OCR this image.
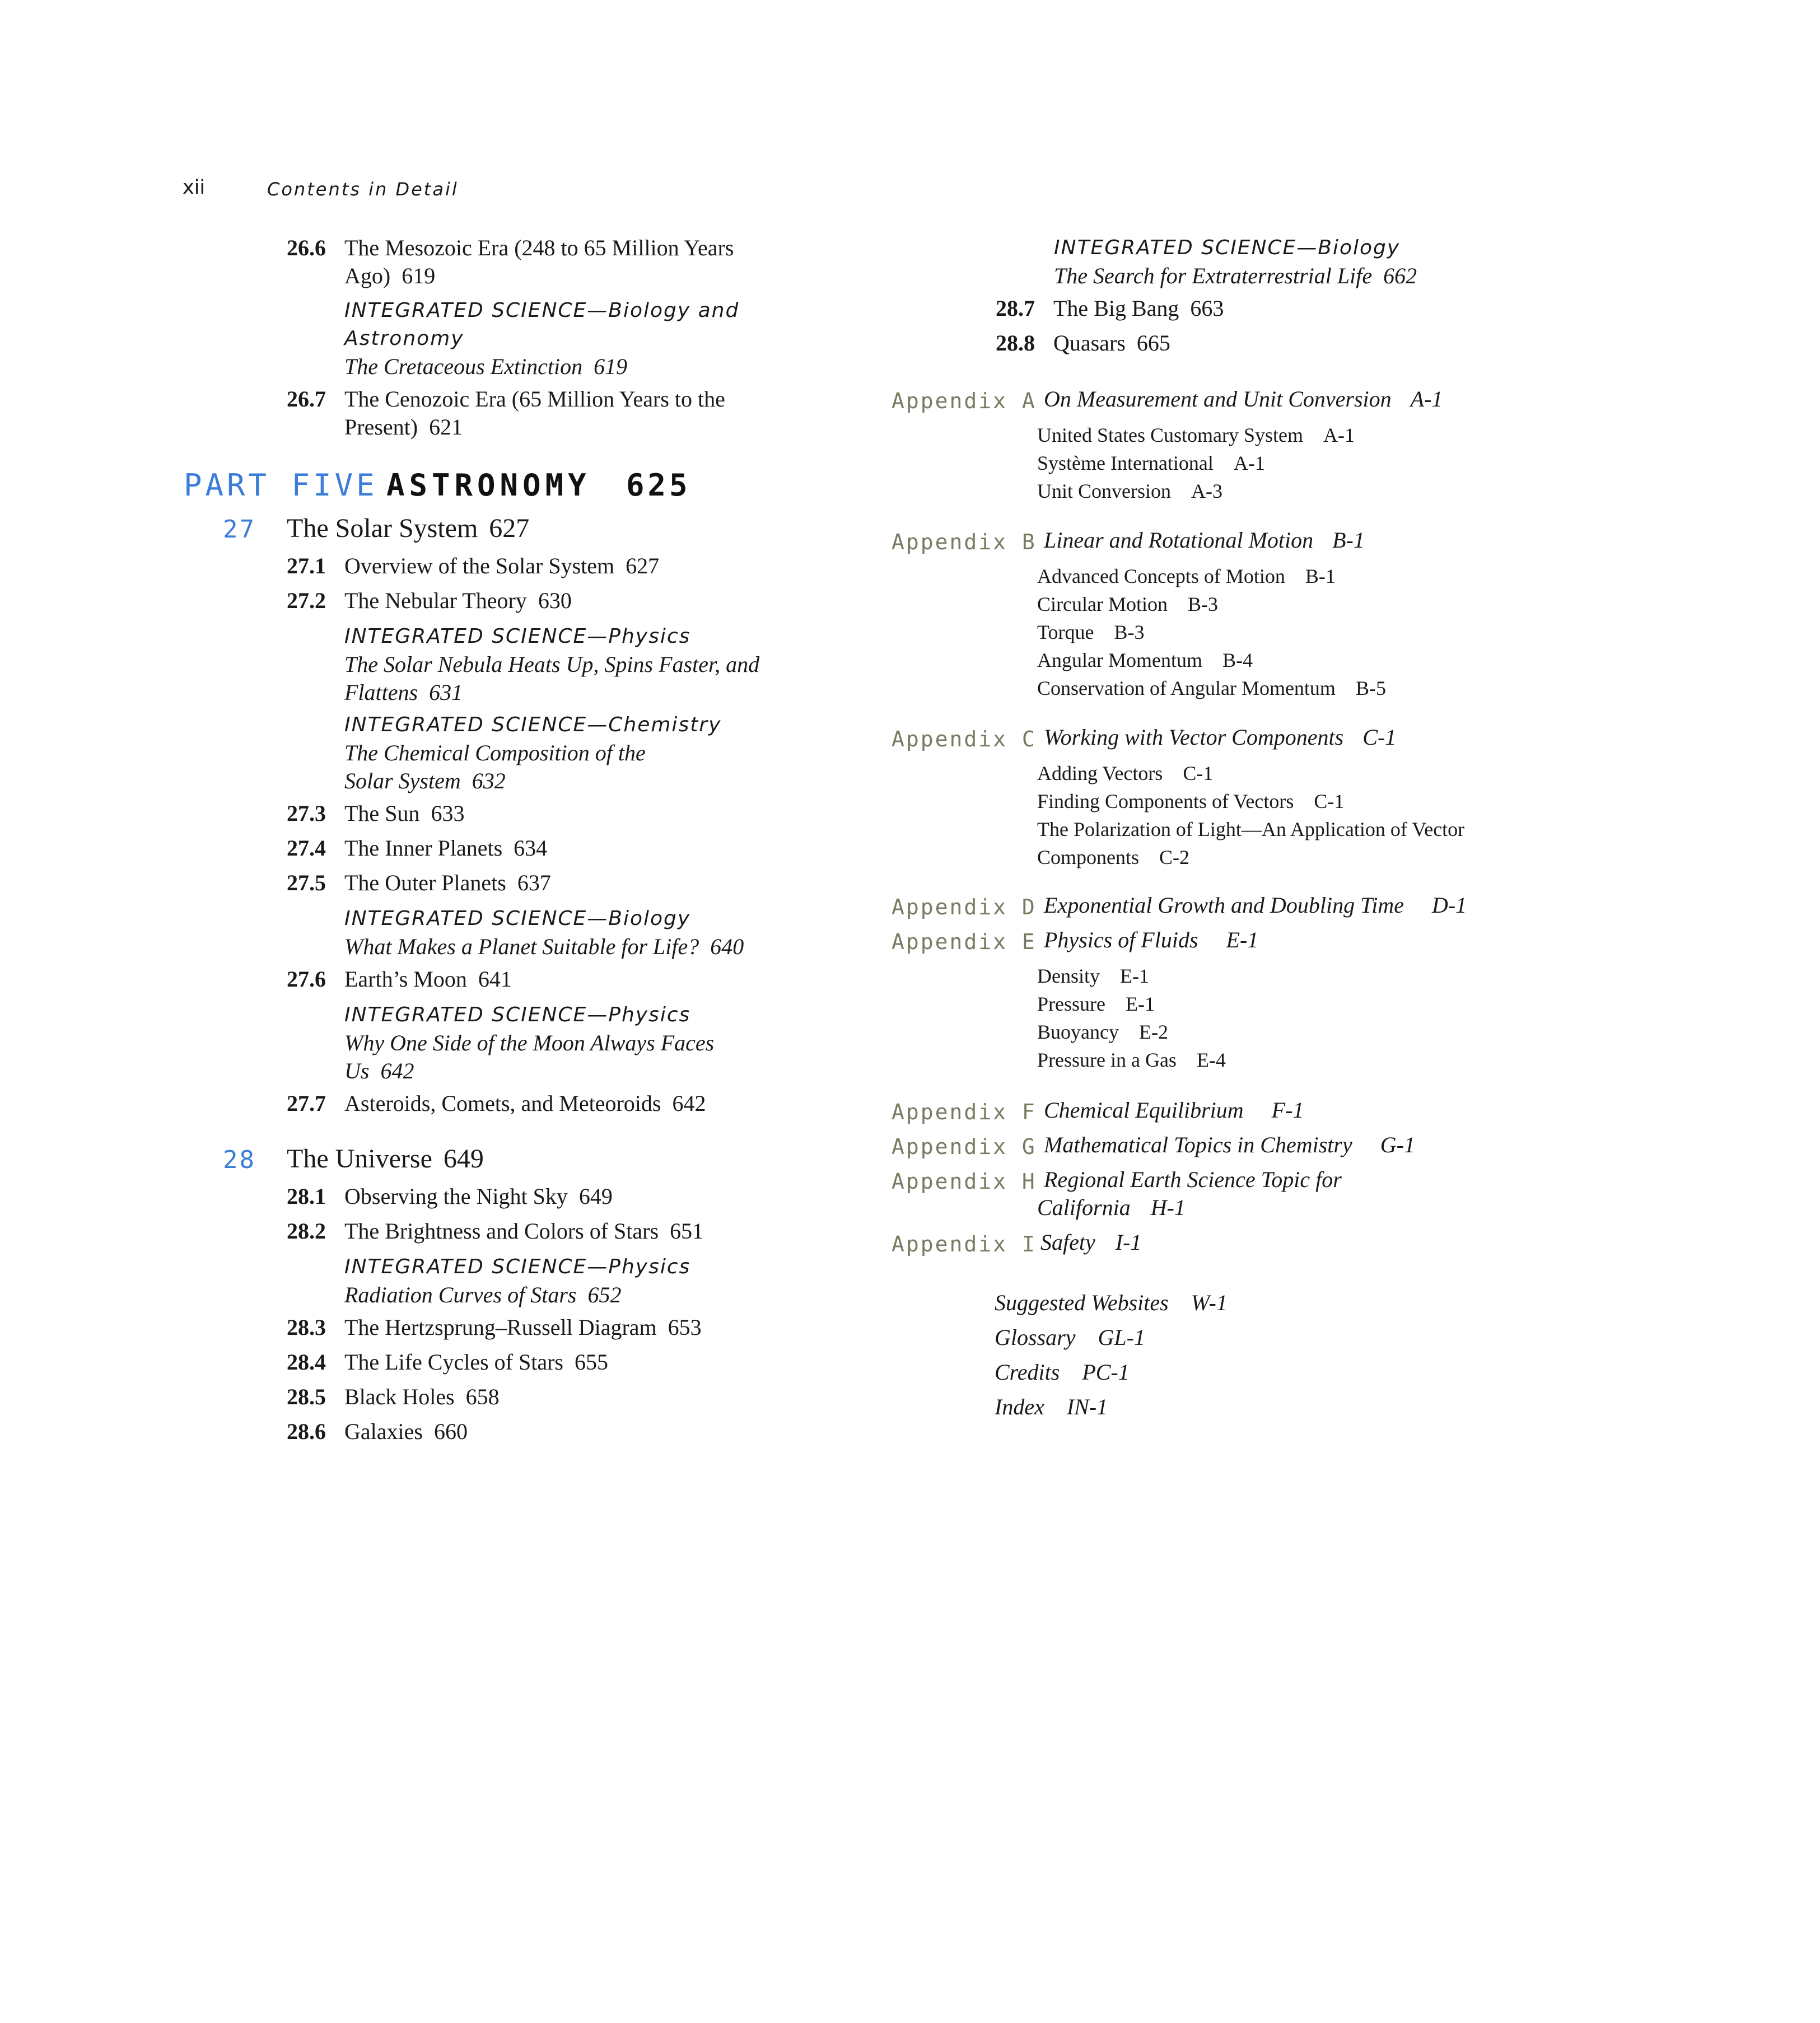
xii	Contents in Detail
26.6 The Mesozoic Era (248 to 65 Million Years
Ago) 619
INTEGRATED SCIENCE—Biology and
Astronomy
The Cretaceous Extinction 619
26.7 The Cenozoic Era (65 Million Years to the
Present) 621
PART FIVE ASTRONOMY 625
27 The Solar System 627
27.1 Overview of the Solar System 627
27.2 The Nebular Theory 630
INTEGRATED SCIENCE—Physics
The Solar Nebula Heats Up, Spins Faster, and
Flattens 631
INTEGRATED SCIENCE—Chemistry
The Chemical Composition of the
Solar System 632
27.3 The Sun 633
27.4 The Inner Planets 634
27.5 The Outer Planets 637
INTEGRATED SCIENCE—Biology
What Makes a Planet Suitable for Life? 640
27.6 Earth’s Moon 641
INTEGRATED SCIENCE—Physics
Why One Side of the Moon Always Faces
Us 642
27.7 Asteroids, Comets, and Meteoroids 642
28 The Universe 649
28.1 Observing the Night Sky 649
28.2 The Brightness and Colors of Stars 651
INTEGRATED SCIENCE—Physics
Radiation Curves of Stars 652
28.3 The Hertzsprung–Russell Diagram 653
28.4 The Life Cycles of Stars 655
28.5 Black Holes 658
28.6 Galaxies 660
INTEGRATED SCIENCE—Biology
The Search for Extraterrestrial Life 662
28.7 The Big Bang 663
28.8 Quasars 665
Appendix A On Measurement and Unit Conversion A-1
United States Customary System A-1
Système International A-1
Unit Conversion A-3
Appendix B Linear and Rotational Motion B-1
Advanced Concepts of Motion B-1
Circular Motion B-3
Torque B-3
Angular Momentum B-4
Conservation of Angular Momentum B-5
Appendix C Working with Vector Components C-1
Adding Vectors C-1
Finding Components of Vectors C-1
The Polarization of Light—An Application of Vector
Components C-2
Appendix D Exponential Growth and Doubling Time D-1
Appendix E Physics of Fluids E-1
Density E-1
Pressure E-1
Buoyancy E-2
Pressure in a Gas E-4
Appendix F Chemical Equilibrium F-1
Appendix G Mathematical Topics in Chemistry G-1
Appendix H Regional Earth Science Topic for
California H-1
Appendix I Safety I-1
Suggested Websites W-1
Glossary GL-1
Credits PC-1
Index IN-1
